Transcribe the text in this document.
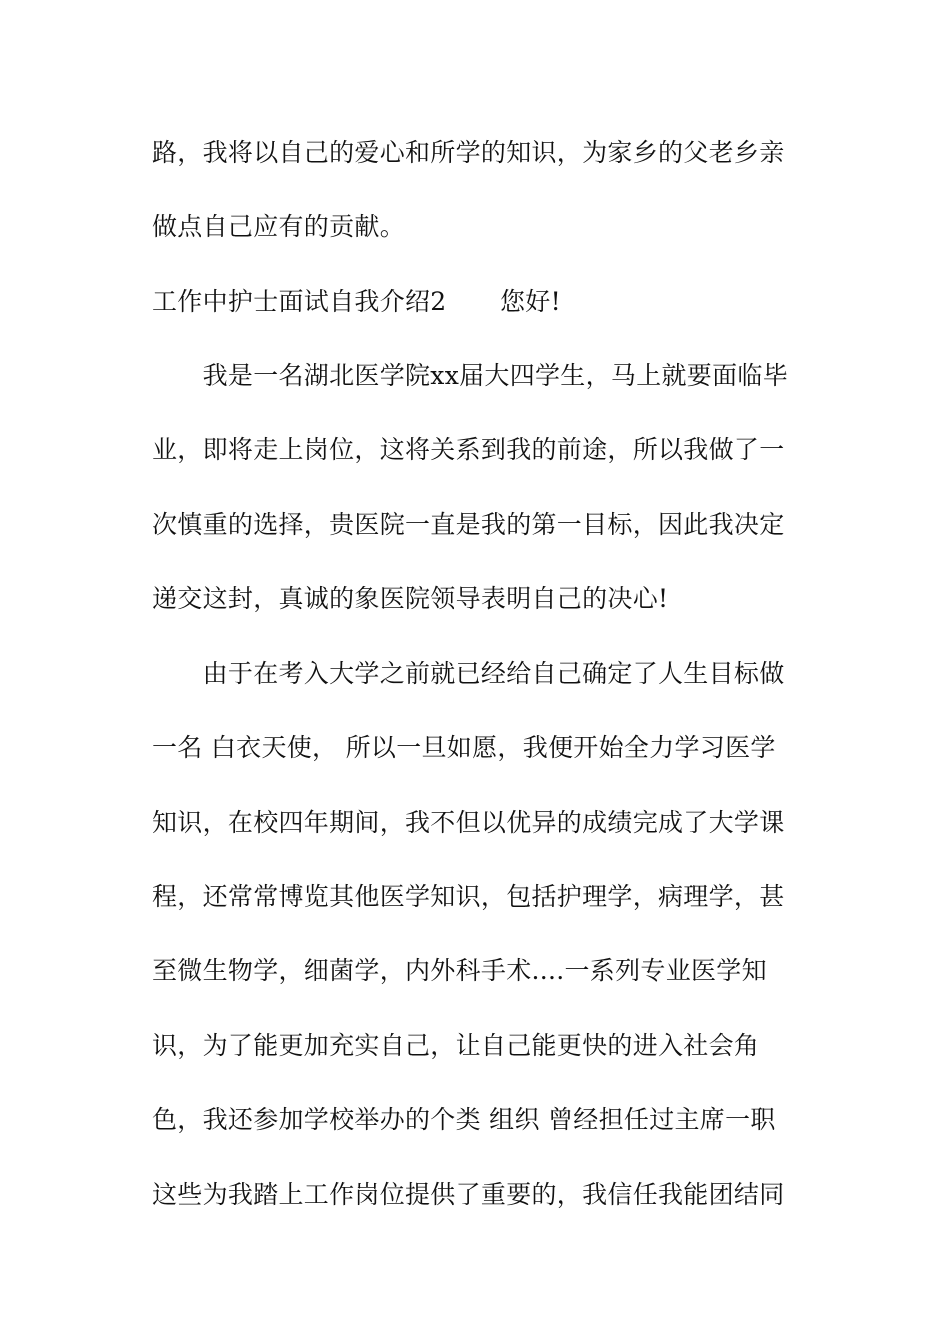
路，我将以自己的爱心和所学的知识，为家乡的父老乡亲
做点自己应有的贡献。
工作中护士面试自我介绍2 您好!
　　我是一名湖北医学院xx届大四学生，马上就要面临毕
业，即将走上岗位，这将关系到我的前途，所以我做了一
次慎重的选择，贵医院一直是我的第一目标，因此我决定
递交这封，真诚的象医院领导表明自己的决心!
　　由于在考入大学之前就已经给自己确定了人生目标做
一名 白衣天使， 所以一旦如愿，我便开始全力学习医学
知识，在校四年期间，我不但以优异的成绩完成了大学课
程，还常常博览其他医学知识，包括护理学，病理学，甚
至微生物学，细菌学，内外科手术....一系列专业医学知
识，为了能更加充实自己，让自己能更快的进入社会角
色，我还参加学校举办的个类 组织 曾经担任过主席一职
这些为我踏上工作岗位提供了重要的，我信任我能团结同
